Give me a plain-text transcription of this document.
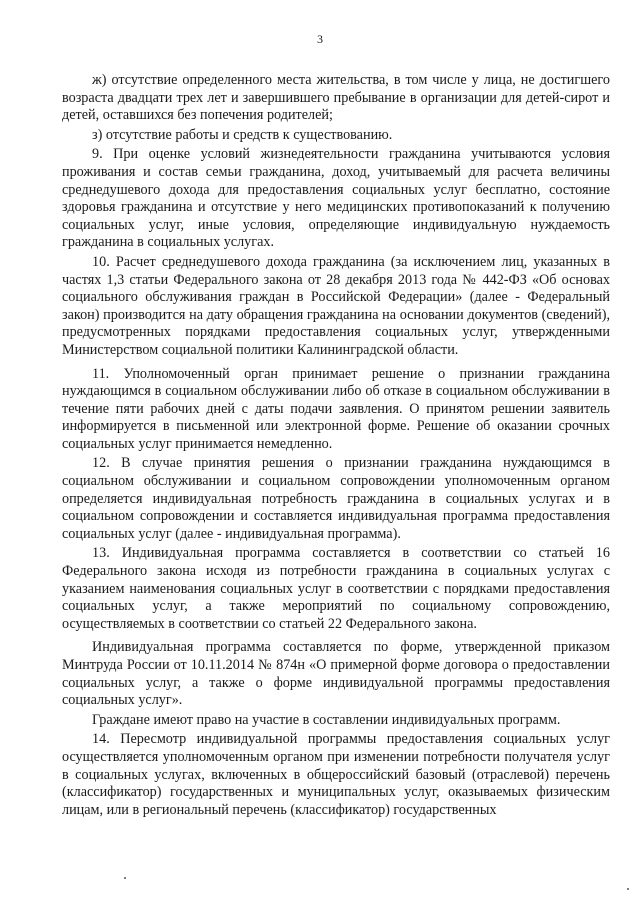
3

ж) отсутствие определенного места жительства, в том числе у лица, не достигшего возраста двадцати трех лет и завершившего пребывание в организации для детей-сирот и детей, оставшихся без попечения родителей;

з) отсутствие работы и средств к существованию.

9. При оценке условий жизнедеятельности гражданина учитываются условия проживания и состав семьи гражданина, доход, учитываемый для расчета величины среднедушевого дохода для предоставления социальных услуг бесплатно, состояние здоровья гражданина и отсутствие у него медицинских противопоказаний к получению социальных услуг, иные условия, определяющие индивидуальную нуждаемость гражданина в социальных услугах.

10. Расчет среднедушевого дохода гражданина (за исключением лиц, указанных в частях 1,3 статьи Федерального закона от 28 декабря 2013 года № 442-ФЗ «Об основах социального обслуживания граждан в Российской Федерации» (далее - Федеральный закон) производится на дату обращения гражданина на основании документов (сведений), предусмотренных порядками предоставления социальных услуг, утвержденными Министерством социальной политики Калининградской области.

11. Уполномоченный орган принимает решение о признании гражданина нуждающимся в социальном обслуживании либо об отказе в социальном обслуживании в течение пяти рабочих дней с даты подачи заявления. О принятом решении заявитель информируется в письменной или электронной форме. Решение об оказании срочных социальных услуг принимается немедленно.

12. В случае принятия решения о признании гражданина нуждающимся в социальном обслуживании и социальном сопровождении уполномоченным органом определяется индивидуальная потребность гражданина в социальных услугах и в социальном сопровождении и составляется индивидуальная программа предоставления социальных услуг (далее - индивидуальная программа).

13. Индивидуальная программа составляется в соответствии со статьей 16 Федерального закона исходя из потребности гражданина в социальных услугах с указанием наименования социальных услуг в соответствии с порядками предоставления социальных услуг, а также мероприятий по социальному сопровождению, осуществляемых в соответствии со статьей 22 Федерального закона.

Индивидуальная программа составляется по форме, утвержденной приказом Минтруда России от 10.11.2014 № 874н «О примерной форме договора о предоставлении социальных услуг, а также о форме индивидуальной программы предоставления социальных услуг».

Граждане имеют право на участие в составлении индивидуальных программ.

14. Пересмотр индивидуальной программы предоставления социальных услуг осуществляется уполномоченным органом при изменении потребности получателя услуг в социальных услугах, включенных в общероссийский базовый (отраслевой) перечень (классификатор) государственных и муниципальных услуг, оказываемых физическим лицам, или в региональный перечень (классификатор) государственных
